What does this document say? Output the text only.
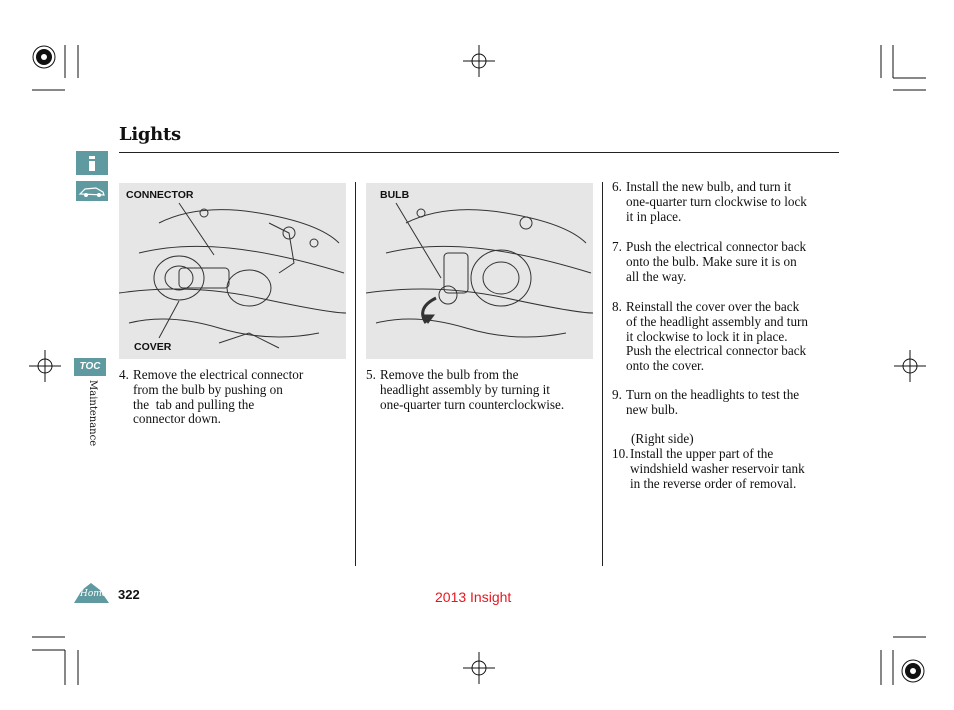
TOC
Maintenance
Home
Lights
CONNECTOR
COVER
BULB
4. Remove the electrical connector
from the bulb by pushing on
the  tab and pulling the
connector down.
5. Remove the bulb from the
headlight assembly by turning it
one-quarter turn counterclockwise.
6. Install the new bulb, and turn it
one-quarter turn clockwise to lock
it in place.
7. Push the electrical connector back
onto the bulb. Make sure it is on
all the way.
8. Reinstall the cover over the back
of the headlight assembly and turn
it clockwise to lock it in place.
Push the electrical connector back
onto the cover.
9. Turn on the headlights to test the
new bulb.
(Right side)
10. Install the upper part of the
windshield washer reservoir tank
in the reverse order of removal.
322	2013 Insight
